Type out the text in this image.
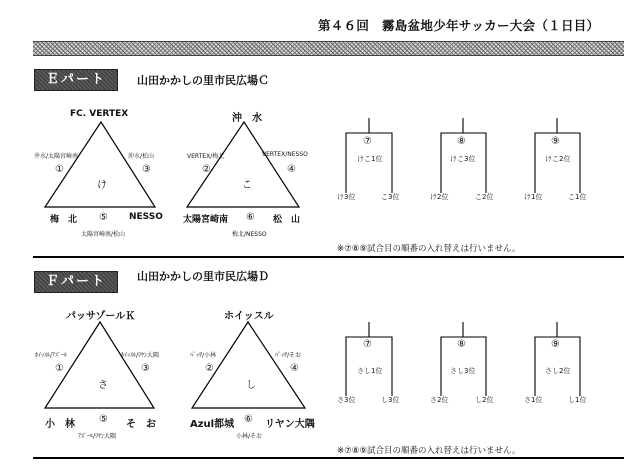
第４６回　霧島盆地少年サッカー大会（１日目）
Ｅパート	山田かかしの里市民広場Ｃ
FC. VERTEX
井水/太陽宮崎南	沖水/松山
①	③
け
梅　北 ⑤ NESSO
太陽宮崎南/松山
沖　水
VERTEX/梅北	VERTEX/NESSO
②	④
こ
太陽宮崎南 ⑥ 松　山
梅北/NESSO
⑦
けこ1位
け3位	こ3位
⑧
けこ3位
け2位	こ2位
⑨
けこ2位
け1位	こ1位
※⑦⑧⑨試合目の順番の入れ替えは行いません。
Ｆパート	山田かかしの里市民広場Ｄ
パッサゾールＫ
ﾎｲｯｽﾙ/ｱｽﾞｰﾙ	ﾎｲｯｽﾙ/ﾘﾔﾝ大隅
①	③
さ
小　林 ⑤ そ　お
ｱｽﾞｰﾙ/ﾘﾔﾝ大隅
ホイッスル
ﾊﾟｯｻ/小林	ﾊﾟｯｻ/そお
②	④
し
Azul都城 ⑥ リヤン大隅
小林/そお
⑦
さし1位
さ3位	し3位
⑧
さし3位
さ2位	し2位
⑨
さし2位
さ1位	し1位
※⑦⑧⑨試合目の順番の入れ替えは行いません。
